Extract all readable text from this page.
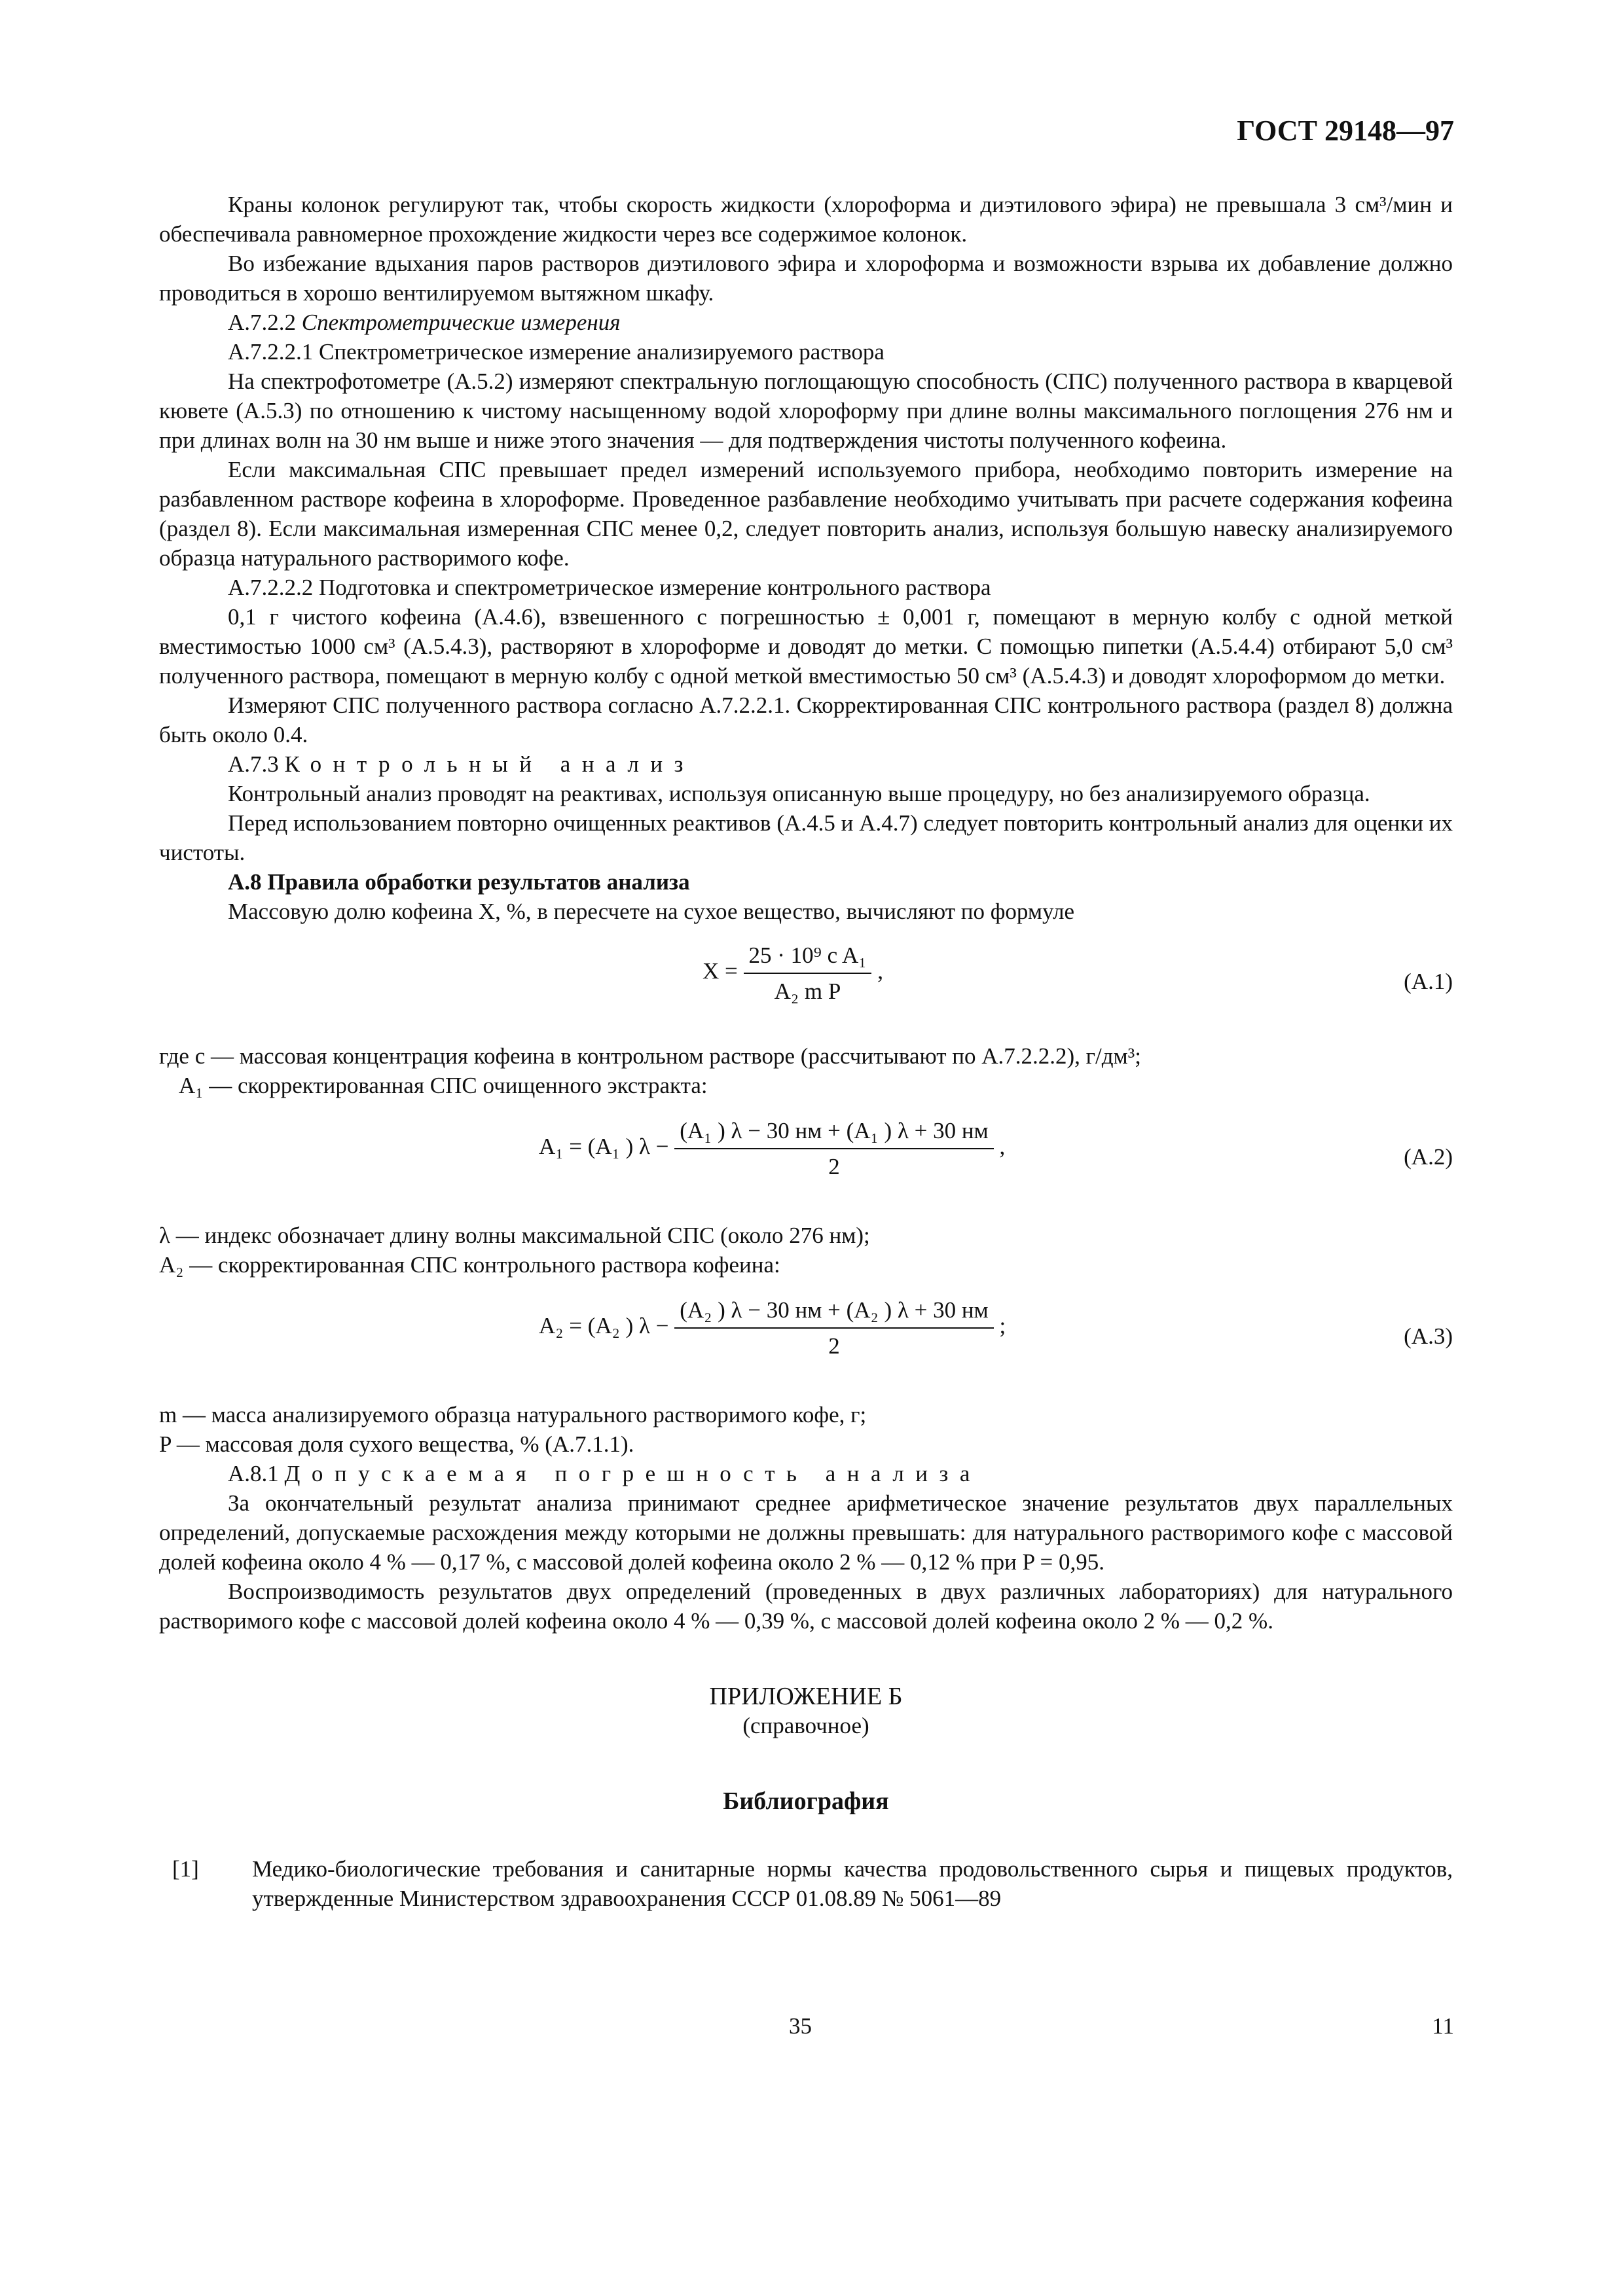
ГОСТ 29148—97

Краны колонок регулируют так, чтобы скорость жидкости (хлороформа и диэтилового эфира) не превышала 3 см³/мин и обеспечивала равномерное прохождение жидкости через все содержимое колонок.

Во избежание вдыхания паров растворов диэтилового эфира и хлороформа и возможности взрыва их добавление должно проводиться в хорошо вентилируемом вытяжном шкафу.

А.7.2.2 Спектрометрические измерения

А.7.2.2.1 Спектрометрическое измерение анализируемого раствора

На спектрофотометре (А.5.2) измеряют спектральную поглощающую способность (СПС) полученного раствора в кварцевой кювете (А.5.3) по отношению к чистому насыщенному водой хлороформу при длине волны максимального поглощения 276 нм и при длинах волн на 30 нм выше и ниже этого значения — для подтверждения чистоты полученного кофеина.

Если максимальная СПС превышает предел измерений используемого прибора, необходимо повторить измерение на разбавленном растворе кофеина в хлороформе. Проведенное разбавление необходимо учитывать при расчете содержания кофеина (раздел 8). Если максимальная измеренная СПС менее 0,2, следует повторить анализ, используя большую навеску анализируемого образца натурального растворимого кофе.

А.7.2.2.2 Подготовка и спектрометрическое измерение контрольного раствора

0,1 г чистого кофеина (А.4.6), взвешенного с погрешностью ± 0,001 г, помещают в мерную колбу с одной меткой вместимостью 1000 см³ (А.5.4.3), растворяют в хлороформе и доводят до метки. С помощью пипетки (А.5.4.4) отбирают 5,0 см³ полученного раствора, помещают в мерную колбу с одной меткой вместимостью 50 см³ (А.5.4.3) и доводят хлороформом до метки.

Измеряют СПС полученного раствора согласно А.7.2.2.1. Скорректированная СПС контрольного раствора (раздел 8) должна быть около 0.4.

А.7.3 Контрольный анализ

Контрольный анализ проводят на реактивах, используя описанную выше процедуру, но без анализируемого образца.

Перед использованием повторно очищенных реактивов (А.4.5 и А.4.7) следует повторить контрольный анализ для оценки их чистоты.

А.8 Правила обработки результатов анализа

Массовую долю кофеина X, %, в пересчете на сухое вещество, вычисляют по формуле

$X = \frac{\text{25 · 10⁹ c A₁}}{\text{A₂ m P}}$ ,	(А.1)

где c — массовая концентрация кофеина в контрольном растворе (рассчитывают по А.7.2.2.2), г/дм³;

A₁ — скорректированная СПС очищенного экстракта:

A₁ = (A₁ ) $\lambda - \frac{\text{(A₁ ) λ − 30 нм + (A₁ ) λ + 30 нм}}{2}$ ,	(А.2)

λ — индекс обозначает длину волны максимальной СПС (около 276 нм);

A₂ — скорректированная СПС контрольного раствора кофеина:

A₂ = (A₂ ) $\lambda - \frac{\text{(A₂ ) λ − 30 нм + (A₂ ) λ + 30 нм}}{2}$ ;	(А.3)

m — масса анализируемого образца натурального растворимого кофе, г;

P — массовая доля сухого вещества, % (А.7.1.1).

А.8.1 Допускаемая погрешность анализа

За окончательный результат анализа принимают среднее арифметическое значение результатов двух параллельных определений, допускаемые расхождения между которыми не должны превышать: для натурального растворимого кофе с массовой долей кофеина около 4 % — 0,17 %, с массовой долей кофеина около 2 % — 0,12 % при P = 0,95.

Воспроизводимость результатов двух определений (проведенных в двух различных лабораториях) для натурального растворимого кофе с массовой долей кофеина около 4 % — 0,39 %, с массовой долей кофеина около 2 % — 0,2 %.

ПРИЛОЖЕНИЕ Б
(справочное)
Библиография
[1] Медико-биологические требования и санитарные нормы качества продовольственного сырья и пищевых продуктов, утвержденные Министерством здравоохранения СССР 01.08.89 № 5061—89
35	11
